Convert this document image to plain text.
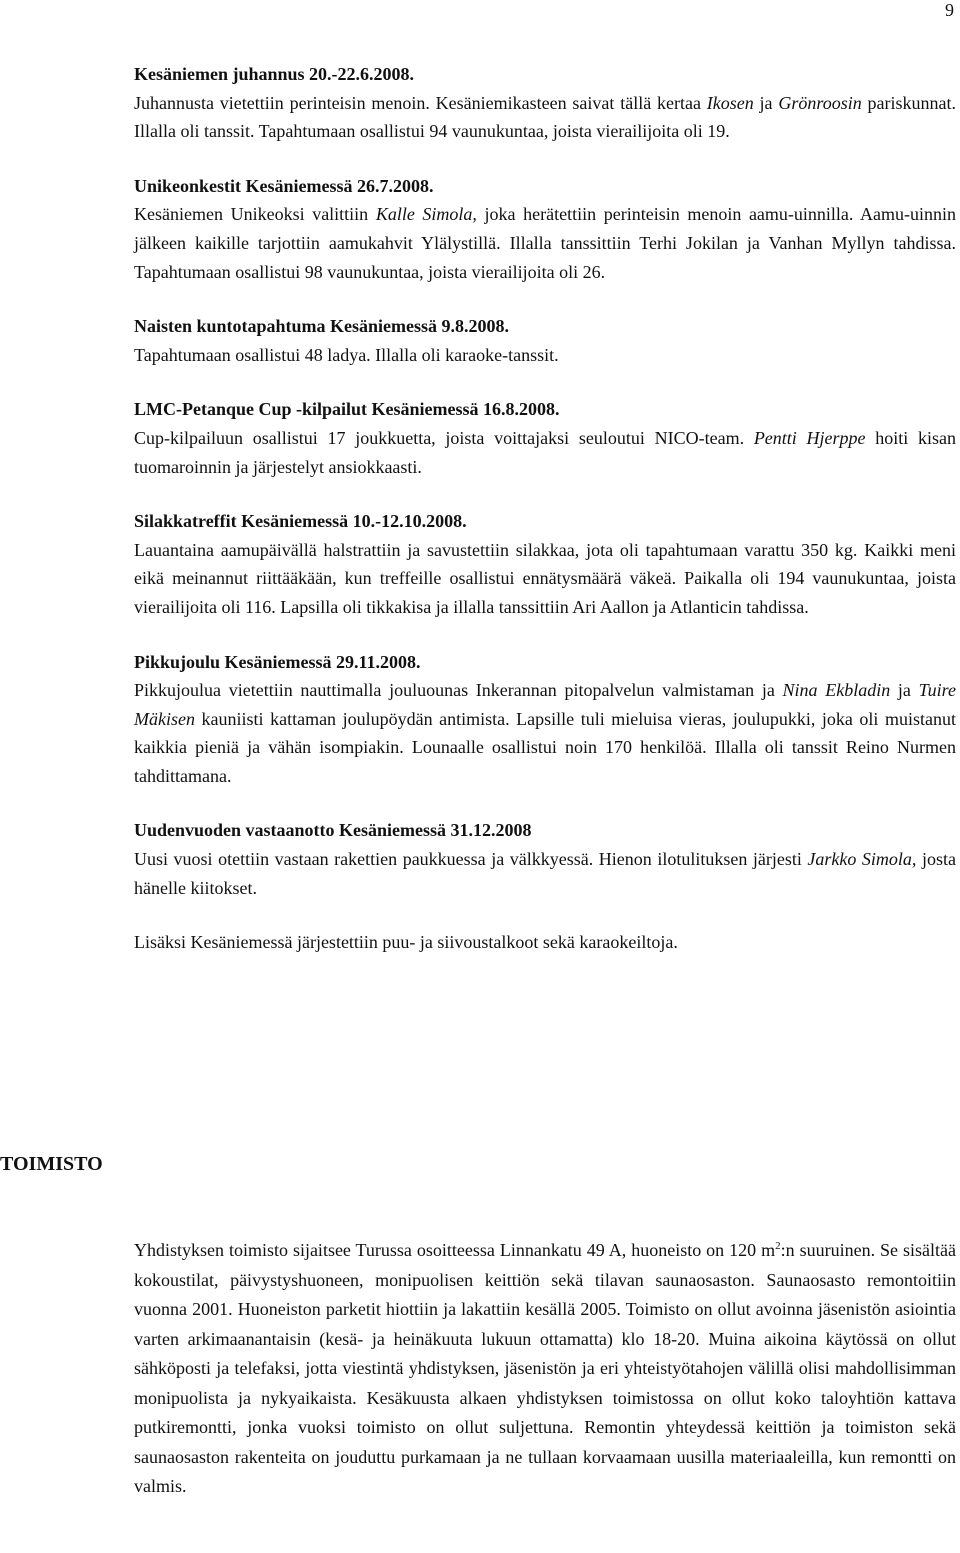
9
Kesäniemen juhannus 20.-22.6.2008.

Juhannusta vietettiin perinteisin menoin. Kesäniemikasteen saivat tällä kertaa Ikosen ja Grönroosin pariskunnat. Illalla oli tanssit. Tapahtumaan osallistui 94 vaunukuntaa, joista vierailijoita oli 19.

Unikeonkestit Kesäniemessä 26.7.2008.

Kesäniemen Unikeoksi valittiin Kalle Simola, joka herätettiin perinteisin menoin aamu-uinnilla. Aamu-uinnin jälkeen kaikille tarjottiin aamukahvit Ylälystillä. Illalla tanssittiin Terhi Jokilan ja Vanhan Myllyn tahdissa. Tapahtumaan osallistui 98 vaunukuntaa, joista vierailijoita oli 26.

Naisten kuntotapahtuma Kesäniemessä 9.8.2008.

Tapahtumaan osallistui 48 ladya. Illalla oli karaoke-tanssit.

LMC-Petanque Cup -kilpailut Kesäniemessä 16.8.2008.

Cup-kilpailuun osallistui 17 joukkuetta, joista voittajaksi seuloutui NICO-team. Pentti Hjerppe hoiti kisan tuomaroinnin ja järjestelyt ansiokkaasti.

Silakkatreffit Kesäniemessä 10.-12.10.2008.

Lauantaina aamupäivällä halstrattiin ja savustettiin silakkaa, jota oli tapahtumaan varattu 350 kg. Kaikki meni eikä meinannut riittääkään, kun treffeille osallistui ennätysmäärä väkeä. Paikalla oli 194 vaunukuntaa, joista vierailijoita oli 116. Lapsilla oli tikkakisa ja illalla tanssittiin Ari Aallon ja Atlanticin tahdissa.

Pikkujoulu Kesäniemessä 29.11.2008.

Pikkujoulua vietettiin nauttimalla jouluounas Inkerannan pitopalvelun valmistaman ja Nina Ekbladin ja Tuire Mäkisen kauniisti kattaman joulupöydän antimista. Lapsille tuli mieluisa vieras, joulupukki, joka oli muistanut kaikkia pieniä ja vähän isompiakin. Lounaalle osallistui noin 170 henkilöä. Illalla oli tanssit Reino Nurmen tahdittamana.

Uudenvuoden vastaanotto Kesäniemessä 31.12.2008

Uusi vuosi otettiin vastaan rakettien paukkuessa ja välkkyessä. Hienon ilotulituksen järjesti Jarkko Simola, josta hänelle kiitokset.

Lisäksi Kesäniemessä järjestettiin puu- ja siivoustalkoot sekä karaokeiltoja.

TOIMISTO

Yhdistyksen toimisto sijaitsee Turussa osoitteessa Linnankatu 49 A, huoneisto on 120 $m^2:n$ suuruinen. Se sisältää kokoustilat, päivystyshuoneen, monipuolisen keittiön sekä tilavan saunaosaston. Saunaosasto remontoitiin vuonna 2001. Huoneiston parketit hiottiin ja lakattiin kesällä 2005. Toimisto on ollut avoinna jäsenistön asiointia varten arkimaanantaisin (kesä- ja heinäkuuta lukuun ottamatta) klo 18-20. Muina aikoina käytössä on ollut sähköposti ja telefaksi, jotta viestintä yhdistyksen, jäsenistön ja eri yhteistyötahojen välillä olisi mahdollisimman monipuolista ja nykyaikaista. Kesäkuusta alkaen yhdistyksen toimistossa on ollut koko taloyhtiön kattava putkiremontti, jonka vuoksi toimisto on ollut suljettuna. Remontin yhteydessä keittiön ja toimiston sekä saunaosaston rakenteita on jouduttu purkamaan ja ne tullaan korvaamaan uusilla materiaaleilla, kun remontti on valmis.
